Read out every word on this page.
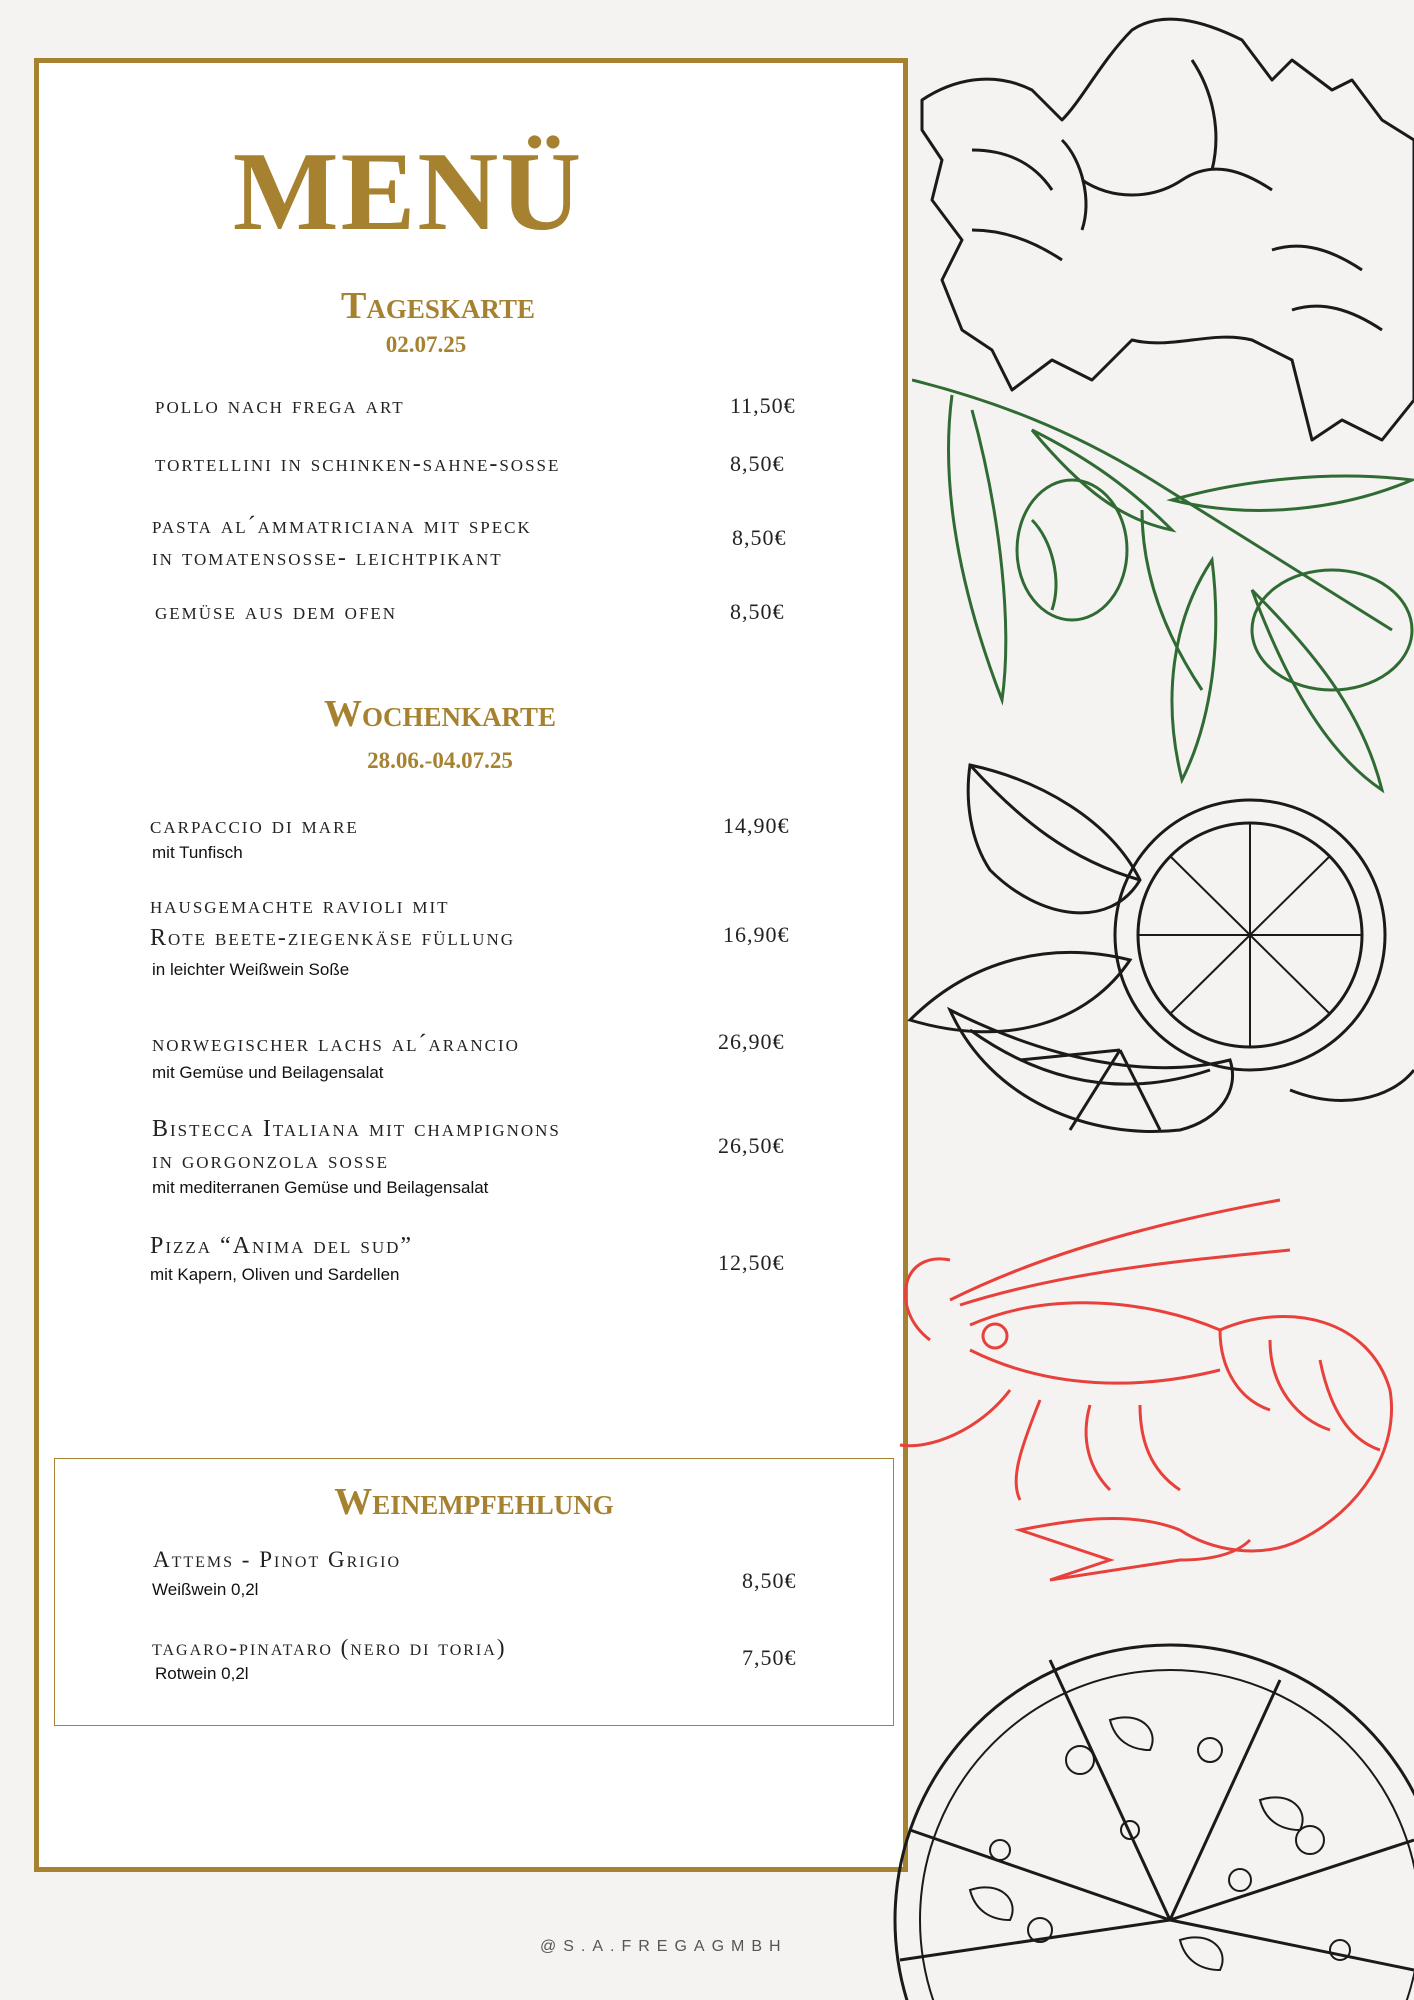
MENÜ
Tageskarte
02.07.25
pollo nach frega art	11,50€
tortellini in schinken-sahne-sosse	8,50€
pasta al´ammatriciana mit speck
in tomatensosse- leichtpikant
8,50€
gemüse aus dem ofen	8,50€
Wochenkarte
28.06.-04.07.25
carpaccio di mare
mit Tunfisch
14,90€
hausgemachte ravioli mit
Rote beete-ziegenkäse füllung
in leichter Weißwein Soße
16,90€
norwegischer lachs al´arancio
mit Gemüse und Beilagensalat
26,90€
Bistecca Italiana mit champignons
in gorgonzola sosse
mit mediterranen Gemüse und Beilagensalat
26,50€
Pizza “Anima del sud”
mit Kapern, Oliven und Sardellen	12,50€
Weinempfehlung
Attems - Pinot Grigio
Weißwein 0,2l	8,50€
tagaro-pinataro (nero di toria)
Rotwein 0,2l
7,50€
@S.A.FREGAGMBH
